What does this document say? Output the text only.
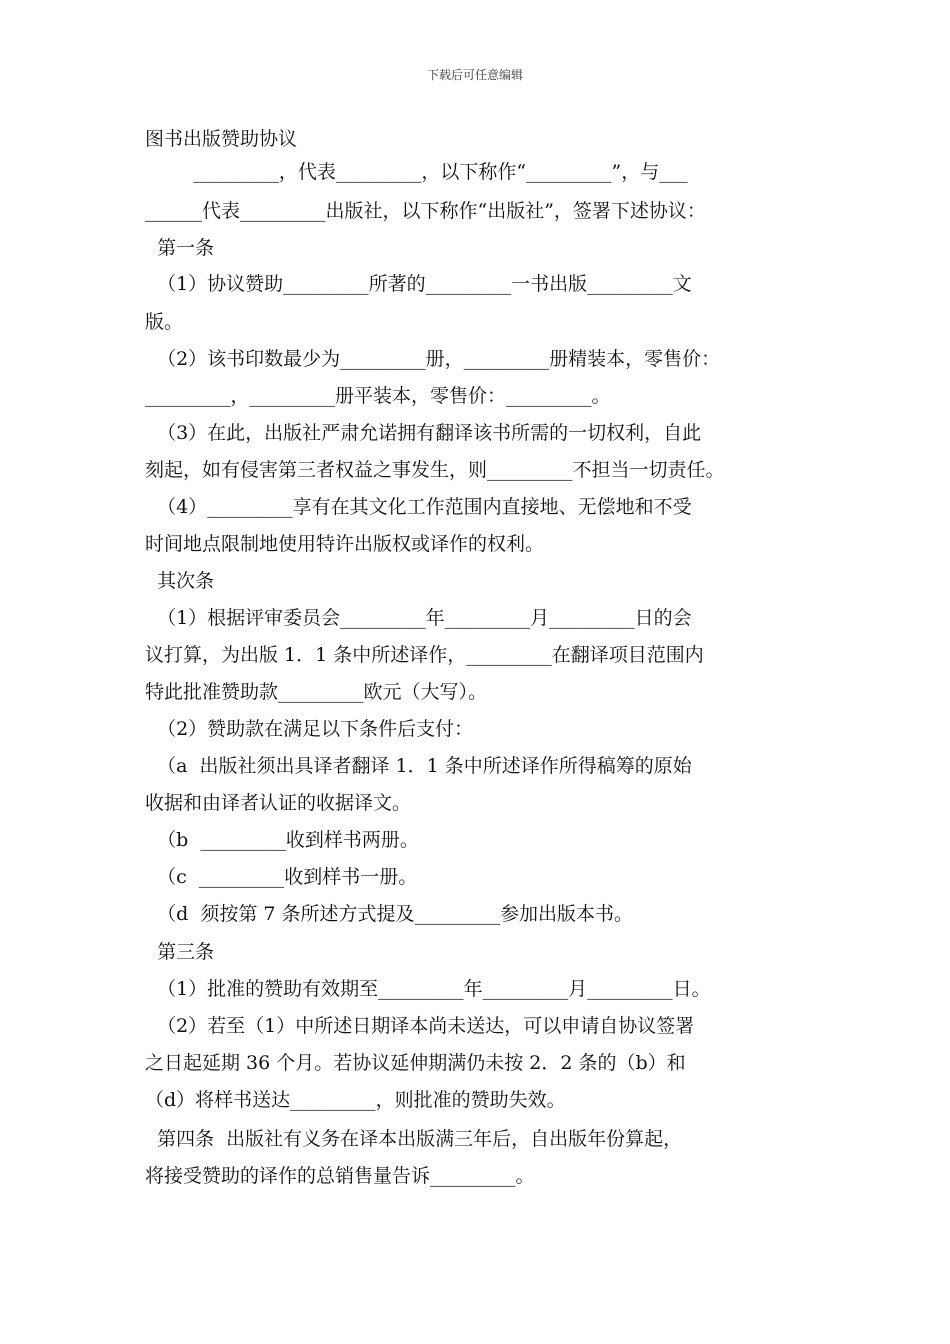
下载后可任意编辑
图书出版赞助协议
_________，代表_________，以下称作“_________”，与___
______代表_________出版社，以下称作“出版社”，签署下述协议：
第一条
（1）协议赞助_________所著的_________一书出版_________文
版。
（2）该书印数最少为_________册，_________册精装本，零售价：
_________，_________册平装本，零售价：_________。
（3）在此，出版社严肃允诺拥有翻译该书所需的一切权利，自此
刻起，如有侵害第三者权益之事发生，则_________不担当一切责任。
（4）_________享有在其文化工作范围内直接地、无偿地和不受
时间地点限制地使用特许出版权或译作的权利。
其次条
（1）根据评审委员会_________年_________月_________日的会
议打算，为出版 1．1 条中所述译作，_________在翻译项目范围内
特此批准赞助款_________欧元（大写）。
（2）赞助款在满足以下条件后支付：
（a  出版社须出具译者翻译 1．1 条中所述译作所得稿筹的原始
收据和由译者认证的收据译文。
（b  _________收到样书两册。
（c  _________收到样书一册。
（d  须按第 7 条所述方式提及_________参加出版本书。
第三条
（1）批准的赞助有效期至_________年_________月_________日。
（2）若至（1）中所述日期译本尚未送达，可以申请自协议签署
之日起延期 36 个月。若协议延伸期满仍未按 2．2 条的（b）和
（d）将样书送达_________，则批准的赞助失效。
第四条  出版社有义务在译本出版满三年后，自出版年份算起，
将接受赞助的译作的总销售量告诉_________。
